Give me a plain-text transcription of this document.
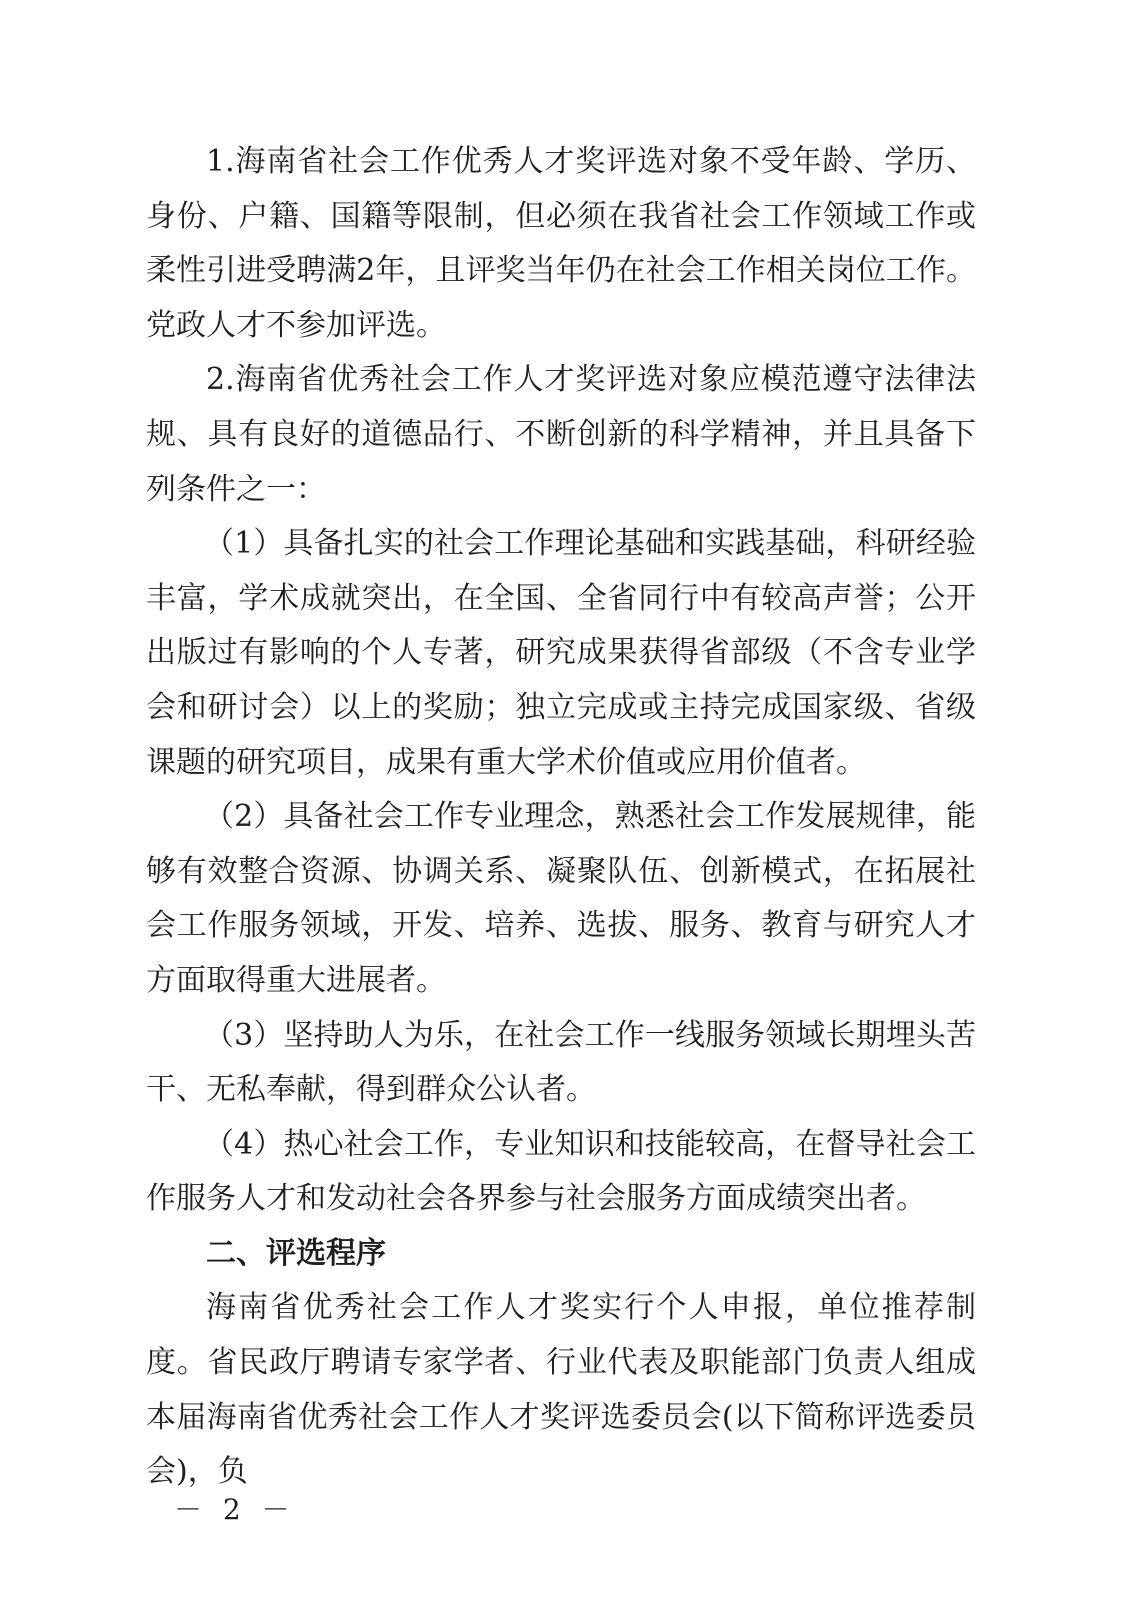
1.海南省社会工作优秀人才奖评选对象不受年龄、学历、身份、户籍、国籍等限制，但必须在我省社会工作领域工作或柔性引进受聘满2年，且评奖当年仍在社会工作相关岗位工作。党政人才不参加评选。

2.海南省优秀社会工作人才奖评选对象应模范遵守法律法规、具有良好的道德品行、不断创新的科学精神，并且具备下列条件之一：

（1）具备扎实的社会工作理论基础和实践基础，科研经验丰富，学术成就突出，在全国、全省同行中有较高声誉；公开出版过有影响的个人专著，研究成果获得省部级（不含专业学会和研讨会）以上的奖励；独立完成或主持完成国家级、省级课题的研究项目，成果有重大学术价值或应用价值者。

（2）具备社会工作专业理念，熟悉社会工作发展规律，能够有效整合资源、协调关系、凝聚队伍、创新模式，在拓展社会工作服务领域，开发、培养、选拔、服务、教育与研究人才方面取得重大进展者。

（3）坚持助人为乐，在社会工作一线服务领域长期埋头苦干、无私奉献，得到群众公认者。

（4）热心社会工作，专业知识和技能较高，在督导社会工作服务人才和发动社会各界参与社会服务方面成绩突出者。

二、评选程序

海南省优秀社会工作人才奖实行个人申报，单位推荐制度。省民政厅聘请专家学者、行业代表及职能部门负责人组成本届海南省优秀社会工作人才奖评选委员会(以下简称评选委员会)，负

－ 2 －
